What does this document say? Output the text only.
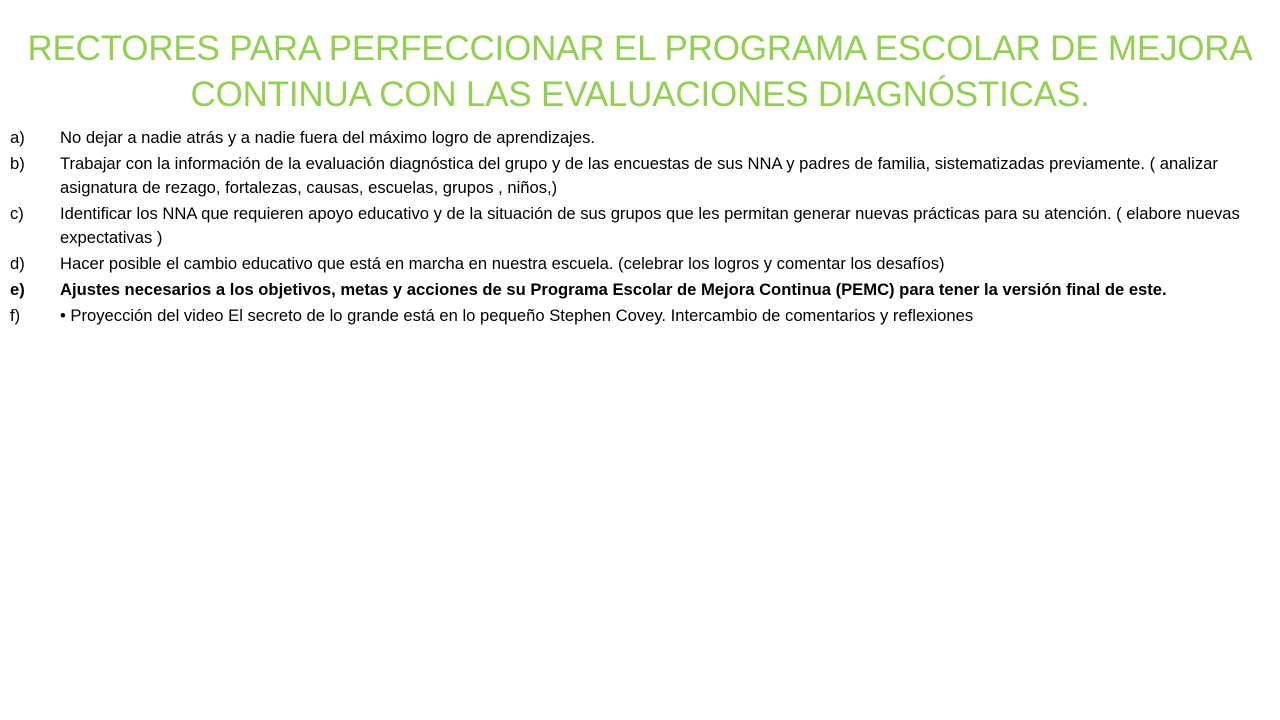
RECTORES PARA PERFECCIONAR EL PROGRAMA ESCOLAR DE MEJORA
CONTINUA CON LAS EVALUACIONES DIAGNÓSTICAS.
a)	No dejar a nadie atrás y a nadie fuera del máximo logro de aprendizajes.
b)	Trabajar con la información de la evaluación diagnóstica del grupo y de las encuestas de sus NNA y padres de familia, sistematizadas previamente. ( analizar asignatura de rezago, fortalezas, causas, escuelas, grupos , niños,)
c)	Identificar los NNA que requieren apoyo educativo y de la situación de sus grupos que les permitan generar nuevas prácticas para su atención. ( elabore nuevas expectativas )
d)	Hacer posible el cambio educativo que está en marcha en nuestra escuela. (celebrar los logros y comentar los desafíos)
e)	Ajustes necesarios a los objetivos, metas y acciones de su Programa Escolar de Mejora Continua (PEMC) para tener la versión final de este.
f)	• Proyección del video El secreto de lo grande está en lo pequeño Stephen Covey. Intercambio de comentarios y reflexiones
